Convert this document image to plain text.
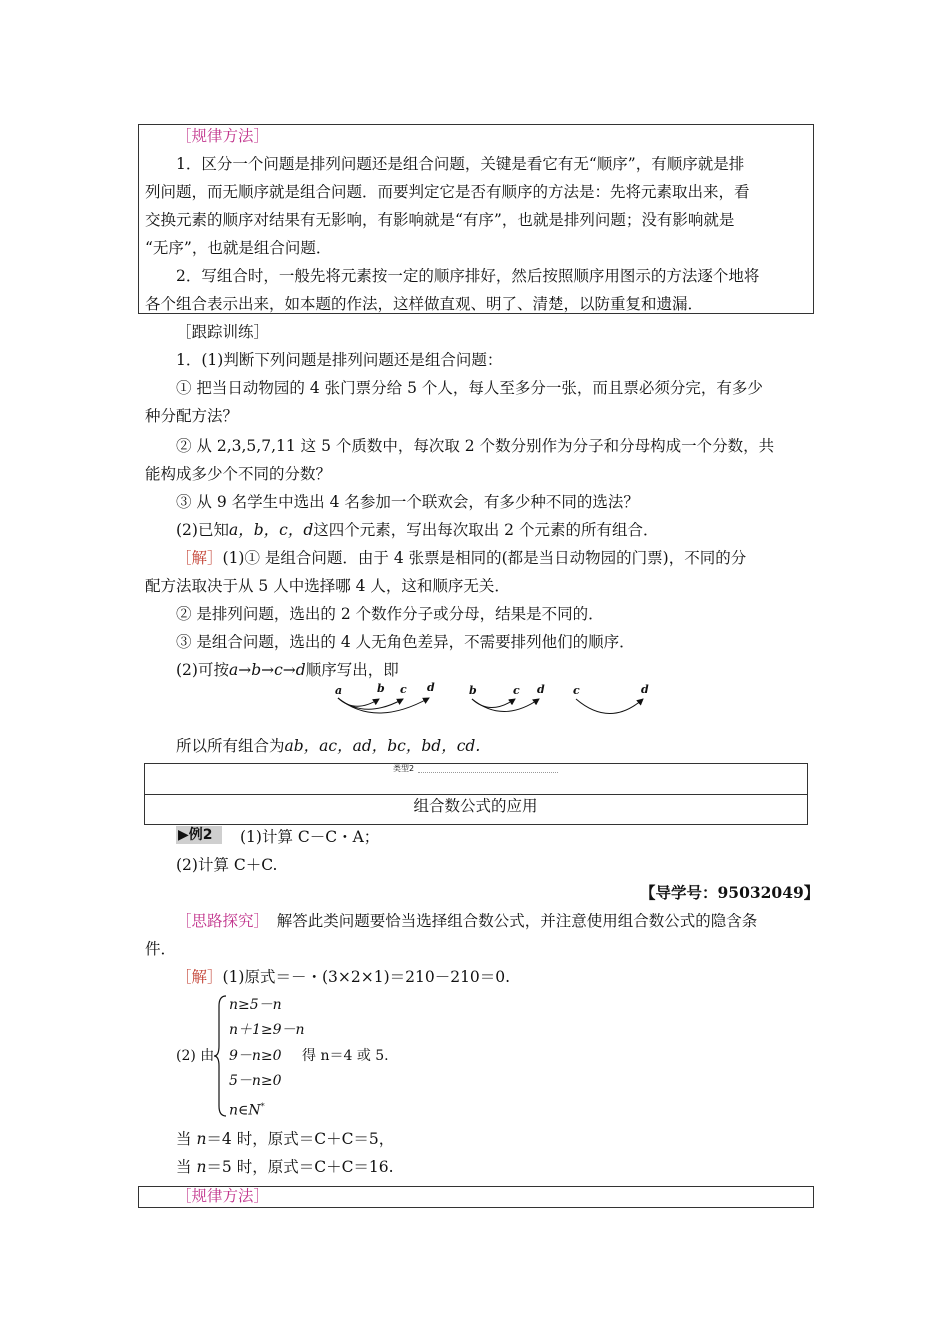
［规律方法］
1．区分一个问题是排列问题还是组合问题，关键是看它有无“顺序”，有顺序就是排
列问题，而无顺序就是组合问题．而要判定它是否有顺序的方法是：先将元素取出来，看
交换元素的顺序对结果有无影响，有影响就是“有序”，也就是排列问题；没有影响就是
“无序”，也就是组合问题．
2．写组合时，一般先将元素按一定的顺序排好，然后按照顺序用图示的方法逐个地将
各个组合表示出来，如本题的作法，这样做直观、明了、清楚，以防重复和遗漏．
［跟踪训练］
1．(1)判断下列问题是排列问题还是组合问题：
① 把当日动物园的 4 张门票分给 5 个人，每人至多分一张，而且票必须分完，有多少
种分配方法？
② 从 2,3,5,7,11 这 5 个质数中，每次取 2 个数分别作为分子和分母构成一个分数，共
能构成多少个不同的分数？
③ 从 9 名学生中选出 4 名参加一个联欢会，有多少种不同的选法？
(2)已知a，b，c，d这四个元素，写出每次取出 2 个元素的所有组合．
［解］(1)① 是组合问题．由于 4 张票是相同的(都是当日动物园的门票)，不同的分
配方法取决于从 5 人中选择哪 4 人，这和顺序无关．
② 是排列问题，选出的 2 个数作分子或分母，结果是不同的．
③ 是组合问题，选出的 4 人无角色差异，不需要排列他们的顺序．
(2)可按a→b→c→d顺序写出，即
a	b c d	b	c d	c	d
所以所有组合为ab，ac，ad，bc，bd，cd.
类型2
组合数公式的应用
▶例2	(1)计算 C－C・A；
(2)计算 C＋C.
【导学号：95032049】
［思路探究］　解答此类问题要恰当选择组合数公式，并注意使用组合数公式的隐含条
件．
［解］(1)原式＝－・(3×2×1)＝210－210＝0.
(2) 由
n≥5－n
n＋1≥9－n
9－n≥0 得 n＝4 或 5.
5－n≥0
n∈N*
当 n＝4 时，原式＝C＋C＝5，
当 n＝5 时，原式＝C＋C＝16.
［规律方法］
